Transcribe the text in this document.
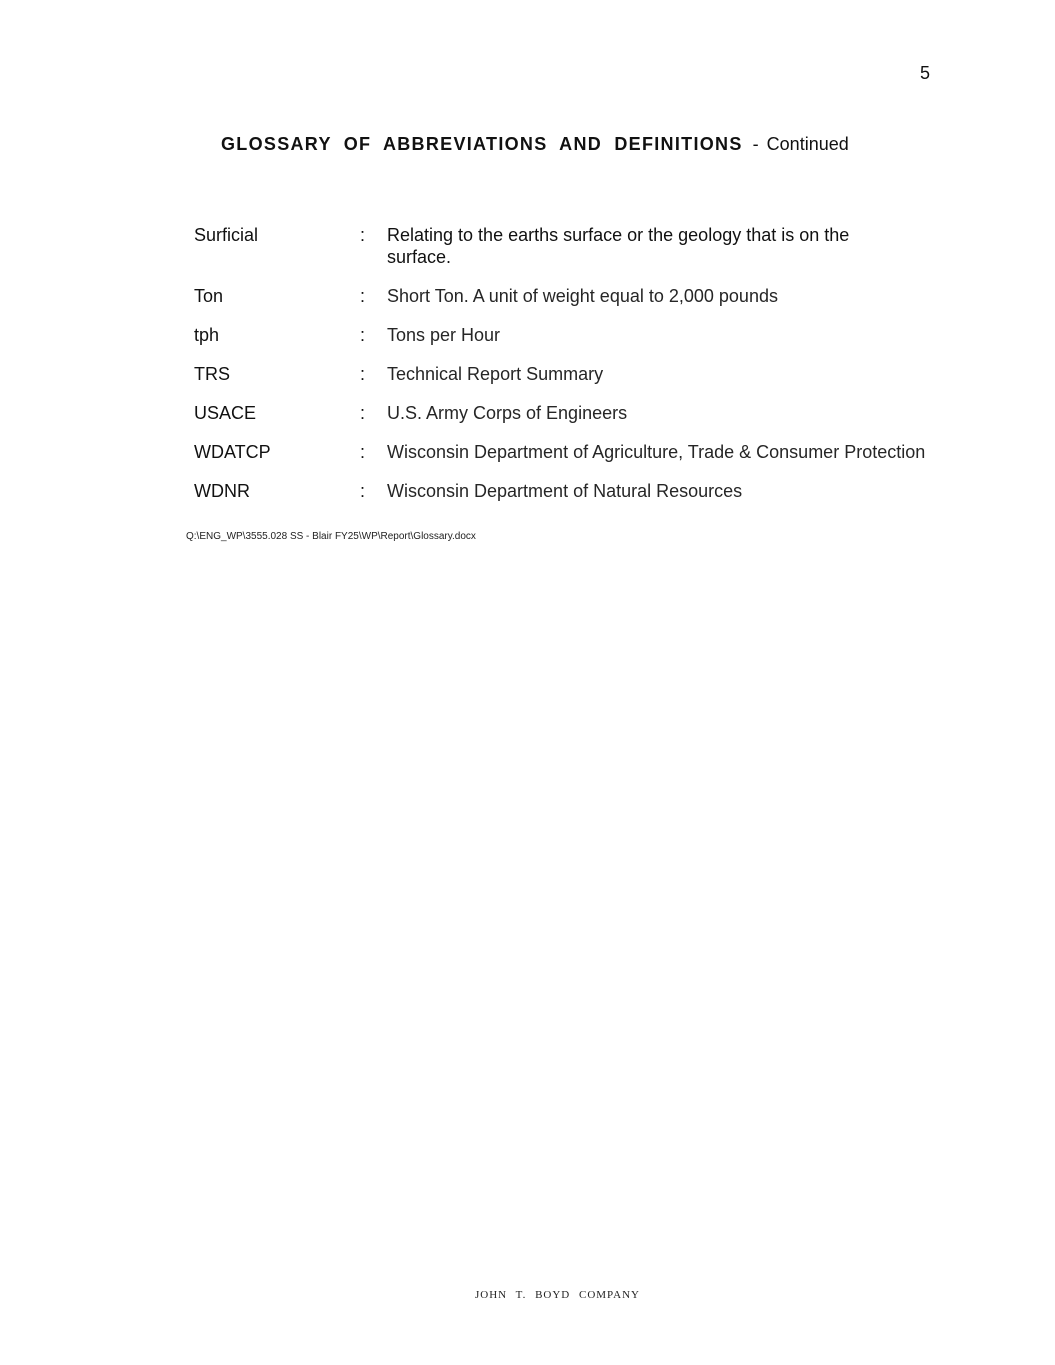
5
GLOSSARY OF ABBREVIATIONS AND DEFINITIONS - Continued
Surficial	:	Relating to the earths surface or the geology that is on the surface.
Ton	:	Short Ton. A unit of weight equal to 2,000 pounds
tph	:	Tons per Hour
TRS	:	Technical Report Summary
USACE	:	U.S. Army Corps of Engineers
WDATCP	:	Wisconsin Department of Agriculture, Trade & Consumer Protection
WDNR	:	Wisconsin Department of Natural Resources
Q:\ENG_WP\3555.028 SS - Blair FY25\WP\Report\Glossary.docx
JOHN T. BOYD COMPANY
